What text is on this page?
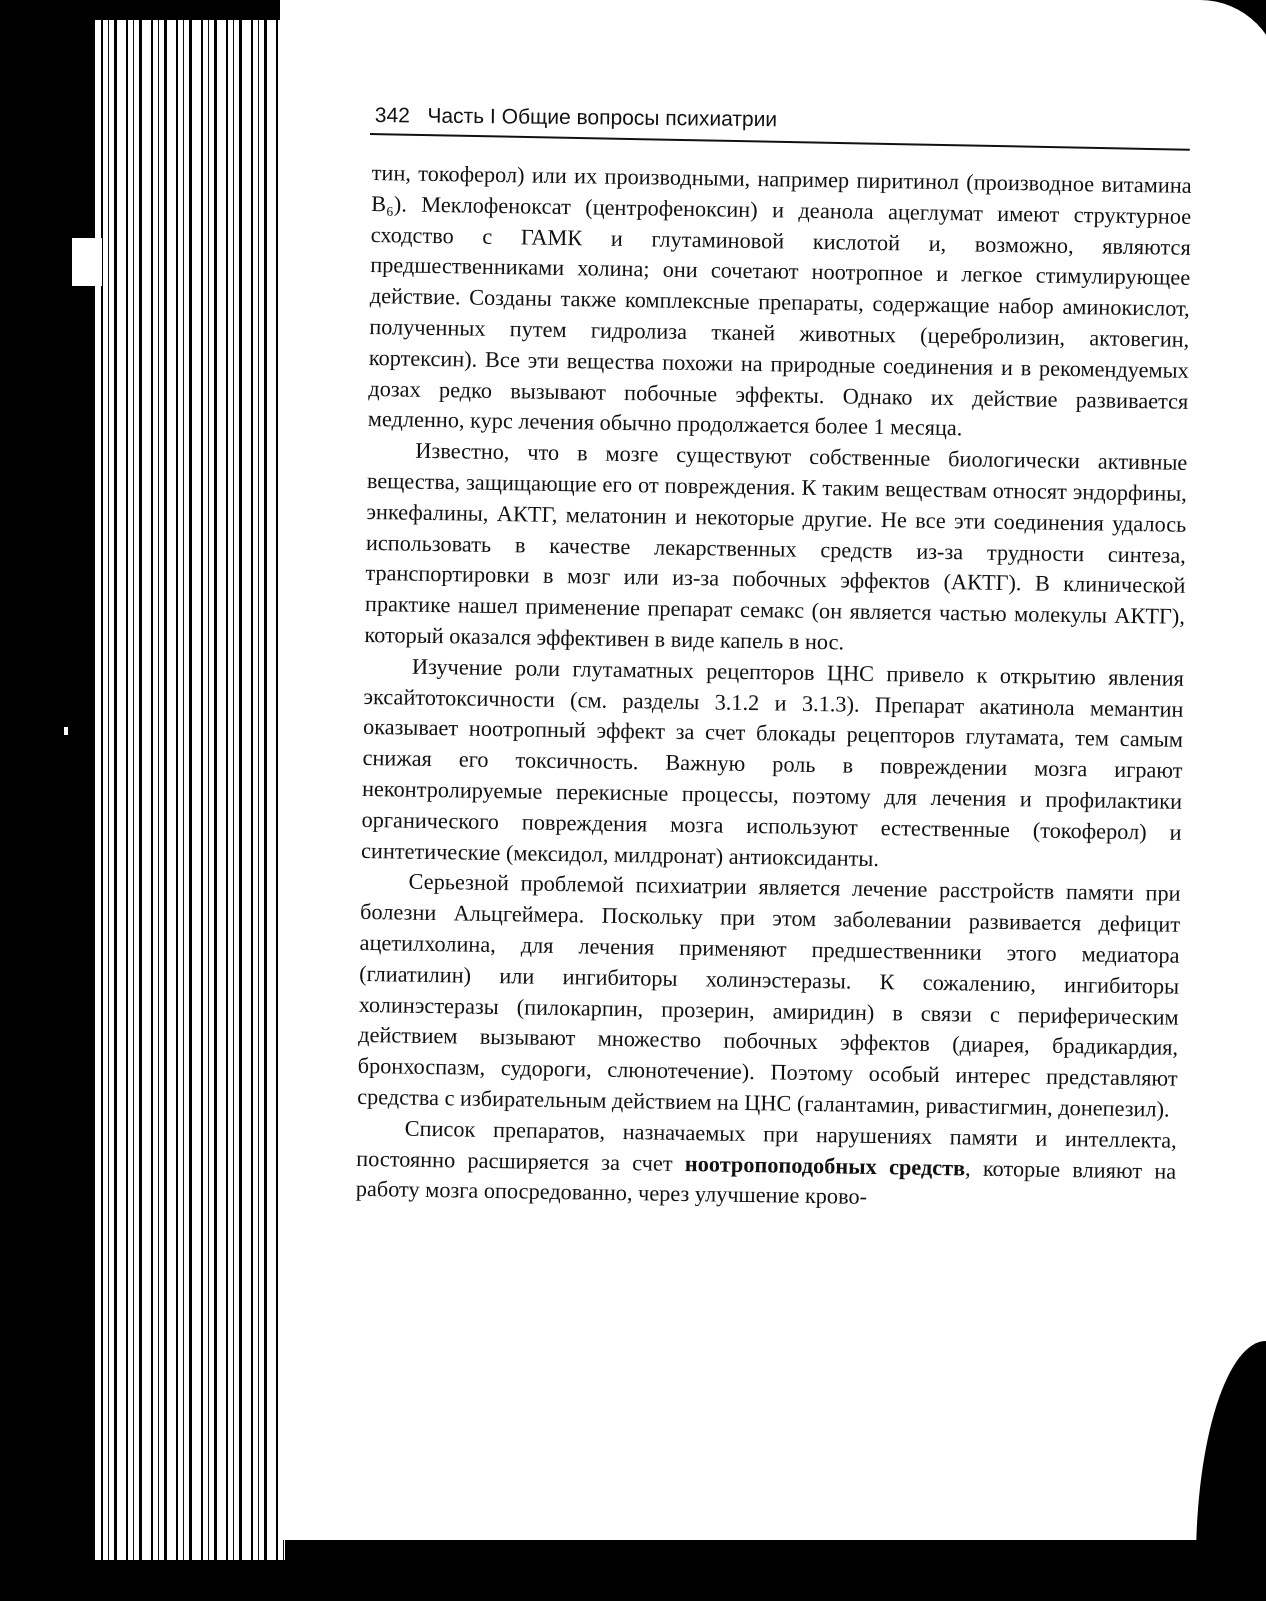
342 Часть I Общие вопросы психиатрии

тин, токоферол) или их производными, например пиритинол (производное витамина B₆). Меклофеноксат (центрофеноксин) и деанола ацеглумат имеют структурное сходство с ГАМК и глутаминовой кислотой и, возможно, являются предшественниками холина; они сочетают ноотропное и легкое стимулирующее действие. Созданы также комплексные препараты, содержащие набор аминокислот, полученных путем гидролиза тканей животных (церебролизин, актовегин, кортексин). Все эти вещества похожи на природные соединения и в рекомендуемых дозах редко вызывают побочные эффекты. Однако их действие развивается медленно, курс лечения обычно продолжается более 1 месяца.

Известно, что в мозге существуют собственные биологически активные вещества, защищающие его от повреждения. К таким веществам относят эндорфины, энкефалины, АКТГ, мелатонин и некоторые другие. Не все эти соединения удалось использовать в качестве лекарственных средств из-за трудности синтеза, транспортировки в мозг или из-за побочных эффектов (АКТГ). В клинической практике нашел применение препарат семакс (он является частью молекулы АКТГ), который оказался эффективен в виде капель в нос.

Изучение роли глутаматных рецепторов ЦНС привело к открытию явления эксайтотоксичности (см. разделы 3.1.2 и 3.1.3). Препарат акатинола мемантин оказывает ноотропный эффект за счет блокады рецепторов глутамата, тем самым снижая его токсичность. Важную роль в повреждении мозга играют неконтролируемые перекисные процессы, поэтому для лечения и профилактики органического повреждения мозга используют естественные (токоферол) и синтетические (мексидол, милдронат) антиоксиданты.

Серьезной проблемой психиатрии является лечение расстройств памяти при болезни Альцгеймера. Поскольку при этом заболевании развивается дефицит ацетилхолина, для лечения применяют предшественники этого медиатора (глиатилин) или ингибиторы холинэстеразы. К сожалению, ингибиторы холинэстеразы (пилокарпин, прозерин, амиридин) в связи с периферическим действием вызывают множество побочных эффектов (диарея, брадикардия, бронхоспазм, судороги, слюнотечение). Поэтому особый интерес представляют средства с избирательным действием на ЦНС (галантамин, ривастигмин, донепезил).

Список препаратов, назначаемых при нарушениях памяти и интеллекта, постоянно расширяется за счет ноотропоподобных средств, которые влияют на работу мозга опосредованно, через улучшение крово-
